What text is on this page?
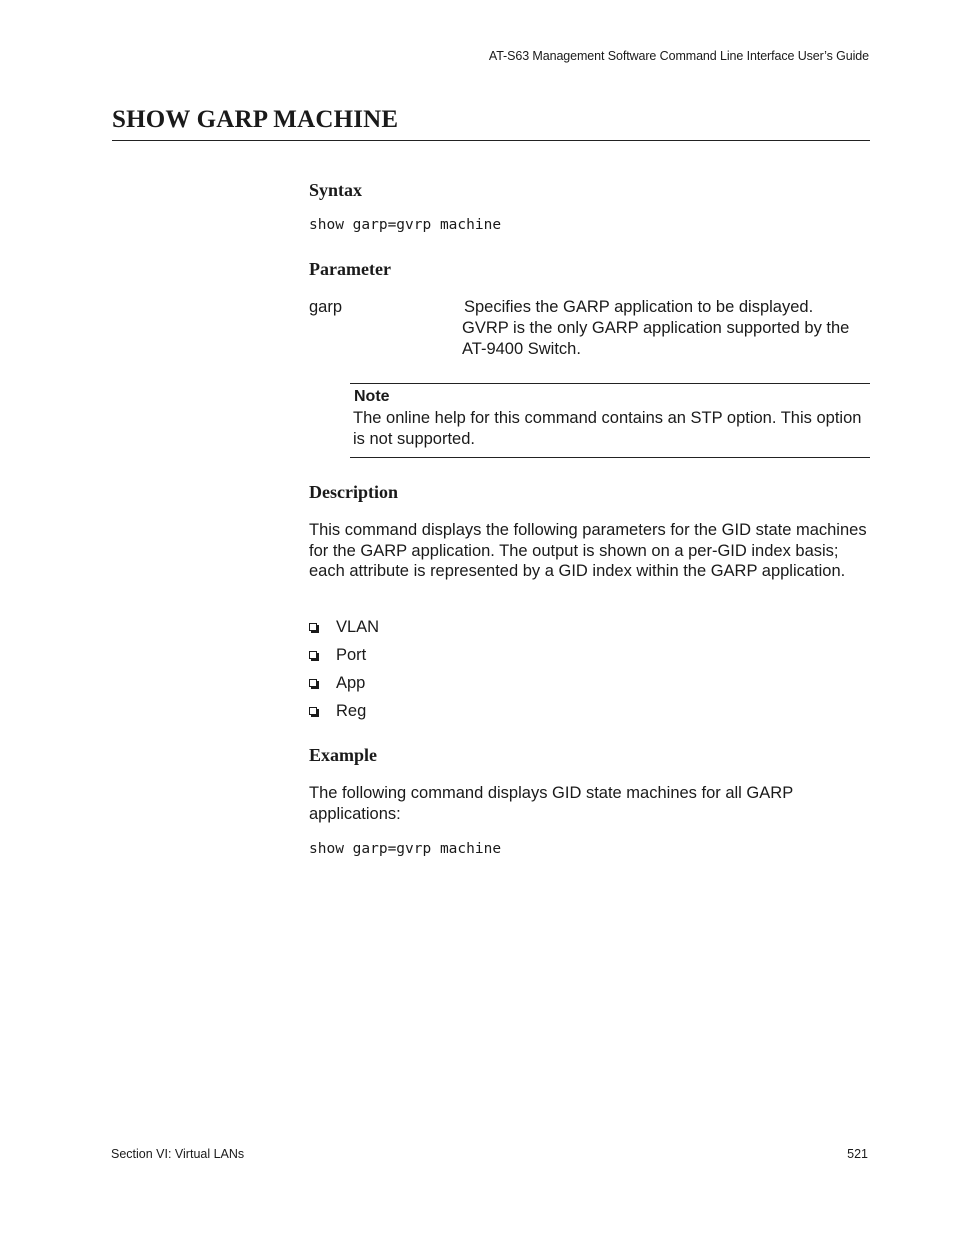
AT-S63 Management Software Command Line Interface User’s Guide
SHOW GARP MACHINE
Syntax
show garp=gvrp machine
Parameter
garp	Specifies the GARP application to be displayed.
GVRP is the only GARP application supported by the
AT-9400 Switch.
Note
The online help for this command contains an STP option. This option is not supported.
Description
This command displays the following parameters for the GID state machines for the GARP application. The output is shown on a per-GID index basis; each attribute is represented by a GID index within the GARP application.
VLAN
Port
App
Reg
Example
The following command displays GID state machines for all GARP applications:
show garp=gvrp machine
Section VI: Virtual LANs	521
